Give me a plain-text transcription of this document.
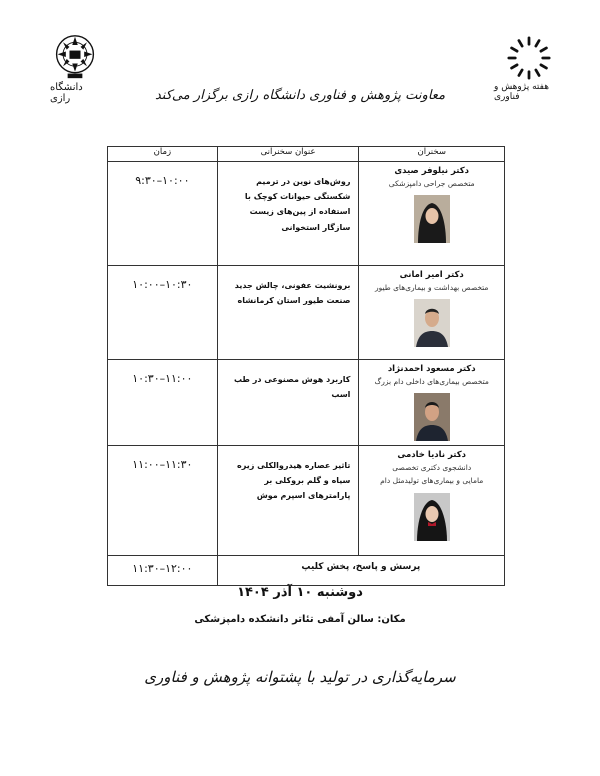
دانشگاه رازی
هفته پژوهش و فناوری
معاونت پژوهش و فناوری دانشگاه رازی برگزار می‌کند
سخنران	عنوان سخنرانی	زمان

دکتر نیلوفر صیدی
متخصص جراحی دامپزشکی	روش‌های نوین در ترمیم شکستگی حیوانات کوچک با استفاده از پین‌های زیست سازگار استخوانی	۹:۳۰–۱۰:۰۰

دکتر امیر امانی
متخصص بهداشت و بیماری‌های طیور	برونشیت عفونی، چالش جدید صنعت طیور استان کرمانشاه	۱۰:۰۰–۱۰:۳۰

دکتر مسعود احمدنژاد
متخصص بیماری‌های داخلی دام بزرگ	کاربرد هوش مصنوعی در طب اسب	۱۰:۳۰–۱۱:۰۰

دکتر نادیا خادمی
دانشجوی دکتری تخصصی
مامایی و بیماری‌های تولیدمثل دام	تاثیر عصاره هیدروالکلی زیره سیاه و گلم بروکلی بر پارامترهای اسپرم موش	۱۱:۰۰–۱۱:۳۰
پرسش و پاسخ، پخش کلیپ		۱۱:۳۰–۱۲:۰۰
دوشنبه ۱۰ آذر ۱۴۰۴
مکان: سالن آمفی تئاتر دانشکده دامپزشکی
سرمایه‌گذاری در تولید با پشتوانه پژوهش و فناوری
